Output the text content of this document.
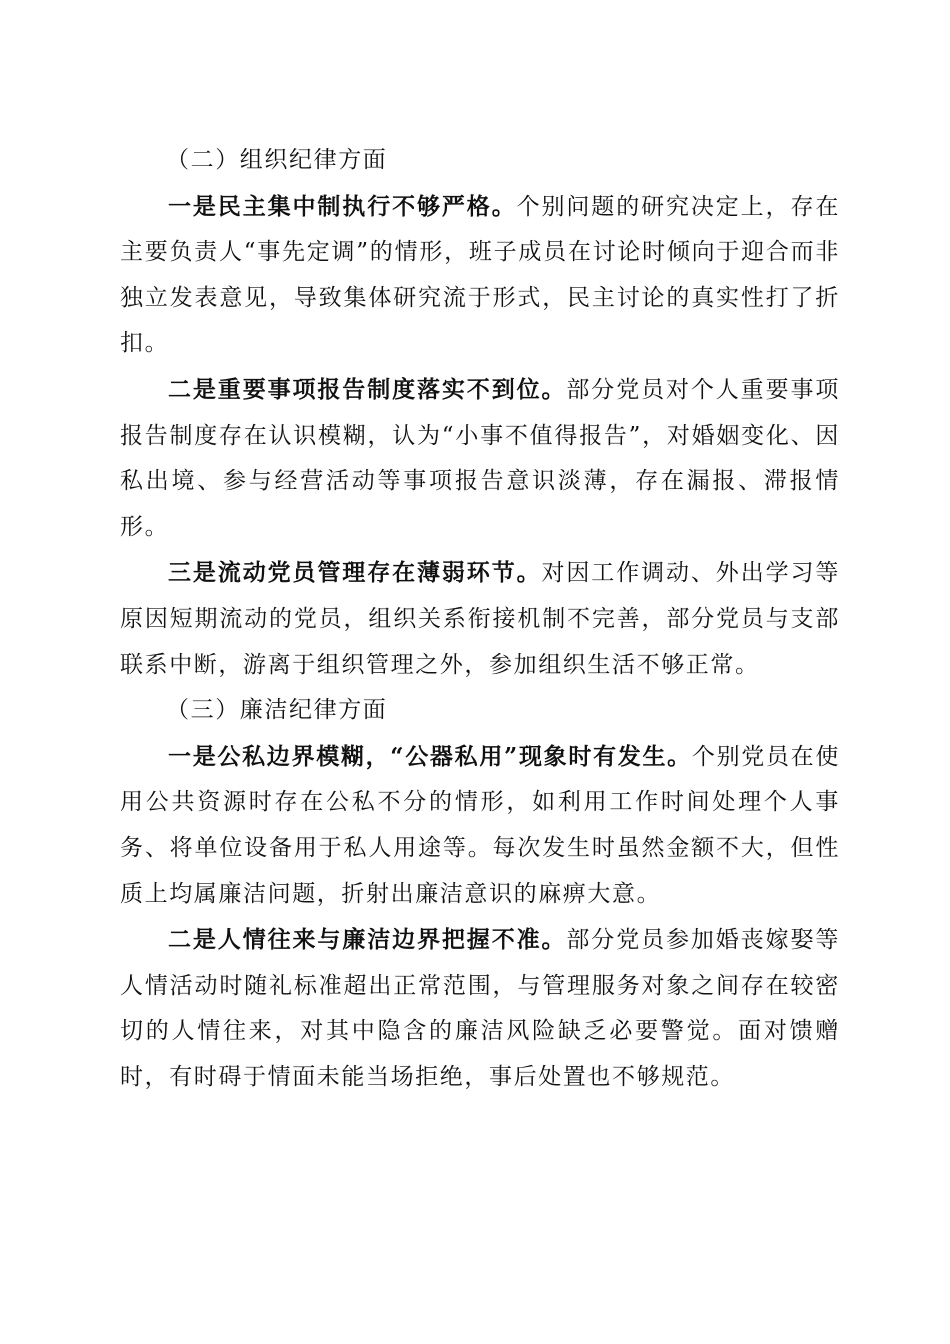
（二）组织纪律方面

一是民主集中制执行不够严格。个别问题的研究决定上，存在主要负责人“事先定调”的情形，班子成员在讨论时倾向于迎合而非独立发表意见，导致集体研究流于形式，民主讨论的真实性打了折扣。

二是重要事项报告制度落实不到位。部分党员对个人重要事项报告制度存在认识模糊，认为“小事不值得报告”，对婚姻变化、因私出境、参与经营活动等事项报告意识淡薄，存在漏报、滞报情形。

三是流动党员管理存在薄弱环节。对因工作调动、外出学习等原因短期流动的党员，组织关系衔接机制不完善，部分党员与支部联系中断，游离于组织管理之外，参加组织生活不够正常。

（三）廉洁纪律方面

一是公私边界模糊，“公器私用”现象时有发生。个别党员在使用公共资源时存在公私不分的情形，如利用工作时间处理个人事务、将单位设备用于私人用途等。每次发生时虽然金额不大，但性质上均属廉洁问题，折射出廉洁意识的麻痹大意。

二是人情往来与廉洁边界把握不准。部分党员参加婚丧嫁娶等人情活动时随礼标准超出正常范围，与管理服务对象之间存在较密切的人情往来，对其中隐含的廉洁风险缺乏必要警觉。面对馈赠时，有时碍于情面未能当场拒绝，事后处置也不够规范。
